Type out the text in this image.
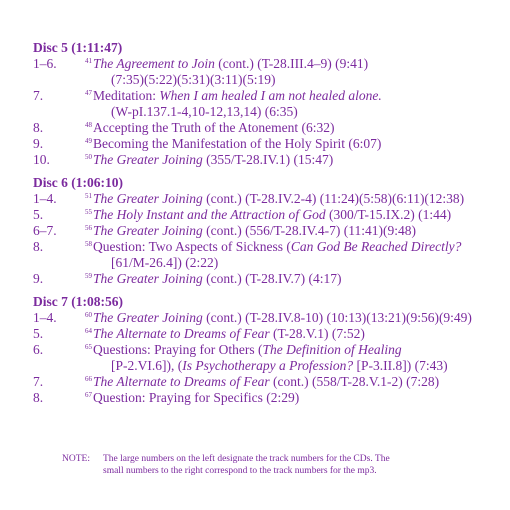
Disc 5 (1:11:47)
1–6.	$^{41}$The Agreement to Join (cont.) (T-28.III.4–9) (9:41)
(7:35)(5:22)(5:31)(3:11)(5:19)
7.	$^{47}$Meditation: When I am healed I am not healed alone.
(W-pI.137.1-4,10-12,13,14) (6:35)
8.	$^{48}$Accepting the Truth of the Atonement (6:32)
9.	$^{49}$Becoming the Manifestation of the Holy Spirit (6:07)
10.	$^{50}$The Greater Joining (355/T-28.IV.1) (15:47)
Disc 6 (1:06:10)
1–4.	$^{51}$The Greater Joining (cont.) (T-28.IV.2-4) (11:24)(5:58)(6:11)(12:38)
5.	$^{55}$The Holy Instant and the Attraction of God (300/T-15.IX.2) (1:44)
6–7.	$^{56}$The Greater Joining (cont.) (556/T-28.IV.4-7) (11:41)(9:48)
8.	$^{58}$Question: Two Aspects of Sickness (Can God Be Reached Directly?
[61/M-26.4]) (2:22)
9.	$^{59}$The Greater Joining (cont.) (T-28.IV.7) (4:17)
Disc 7 (1:08:56)
1–4.	$^{60}$The Greater Joining (cont.) (T-28.IV.8-10) (10:13)(13:21)(9:56)(9:49)
5.	$^{64}$The Alternate to Dreams of Fear (T-28.V.1) (7:52)
6.	$^{65}$Questions: Praying for Others (The Definition of Healing
[P-2.VI.6]), (Is Psychotherapy a Profession? [P-3.II.8]) (7:43)
7.	$^{66}$The Alternate to Dreams of Fear (cont.) (558/T-28.V.1-2) (7:28)
8.	$^{67}$Question: Praying for Specifics (2:29)
NOTE:	The large numbers on the left designate the track numbers for the CDs. The
small numbers to the right correspond to the track numbers for the mp3.
